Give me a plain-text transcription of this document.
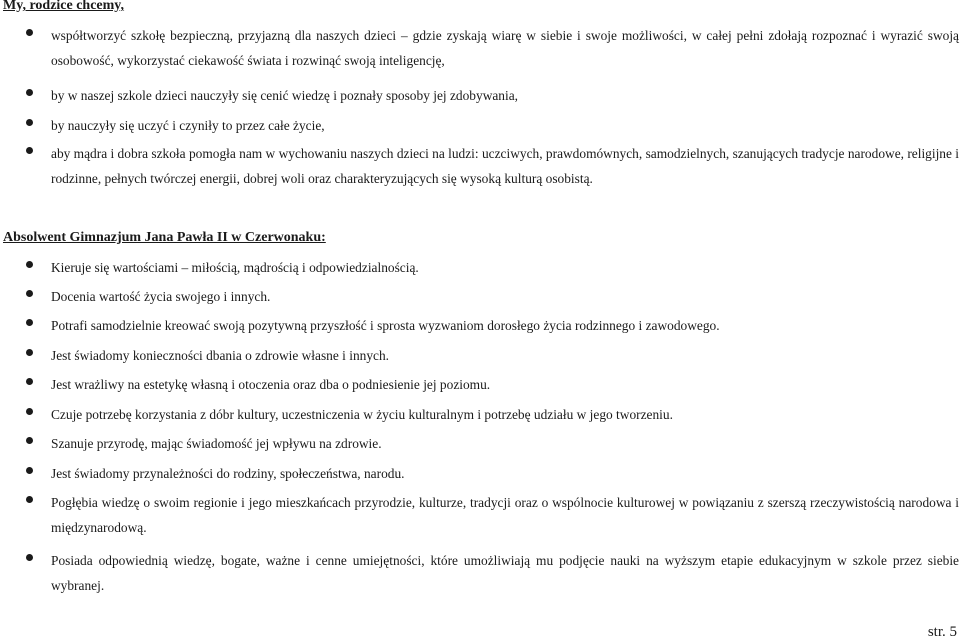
My, rodzice chcemy,
współtworzyć szkołę bezpieczną, przyjazną dla naszych dzieci – gdzie zyskają wiarę w siebie i swoje możliwości, w całej pełni zdołają rozpoznać i wyrazić swoją osobowość, wykorzystać ciekawość świata i rozwinąć swoją inteligencję,
by w naszej szkole dzieci nauczyły się cenić wiedzę i poznały sposoby jej zdobywania,
by nauczyły się uczyć i czyniły to przez całe życie,
aby mądra i dobra szkoła pomogła nam w wychowaniu naszych dzieci na ludzi: uczciwych, prawdomównych, samodzielnych, szanujących tradycje narodowe, religijne i rodzinne, pełnych twórczej energii, dobrej woli oraz charakteryzujących się wysoką kulturą osobistą.
Absolwent Gimnazjum Jana Pawła II w Czerwonaku:
Kieruje się wartościami – miłością, mądrością i odpowiedzialnością.
Docenia wartość życia swojego i innych.
Potrafi samodzielnie kreować swoją pozytywną przyszłość i sprosta wyzwaniom dorosłego życia rodzinnego i zawodowego.
Jest świadomy konieczności dbania o zdrowie własne i innych.
Jest wrażliwy na estetykę własną i otoczenia oraz dba o podniesienie jej poziomu.
Czuje potrzebę korzystania z dóbr kultury, uczestniczenia w życiu kulturalnym i potrzebę udziału w jego tworzeniu.
Szanuje przyrodę, mając świadomość jej wpływu na zdrowie.
Jest świadomy przynależności do rodziny, społeczeństwa, narodu.
Pogłębia wiedzę o swoim regionie i jego mieszkańcach przyrodzie, kulturze, tradycji oraz o wspólnocie kulturowej w powiązaniu z szerszą rzeczywistością narodowa i międzynarodową.
Posiada odpowiednią wiedzę, bogate, ważne i cenne umiejętności, które umożliwiają mu podjęcie nauki na wyższym etapie edukacyjnym w szkole przez siebie wybranej.
str. 5
